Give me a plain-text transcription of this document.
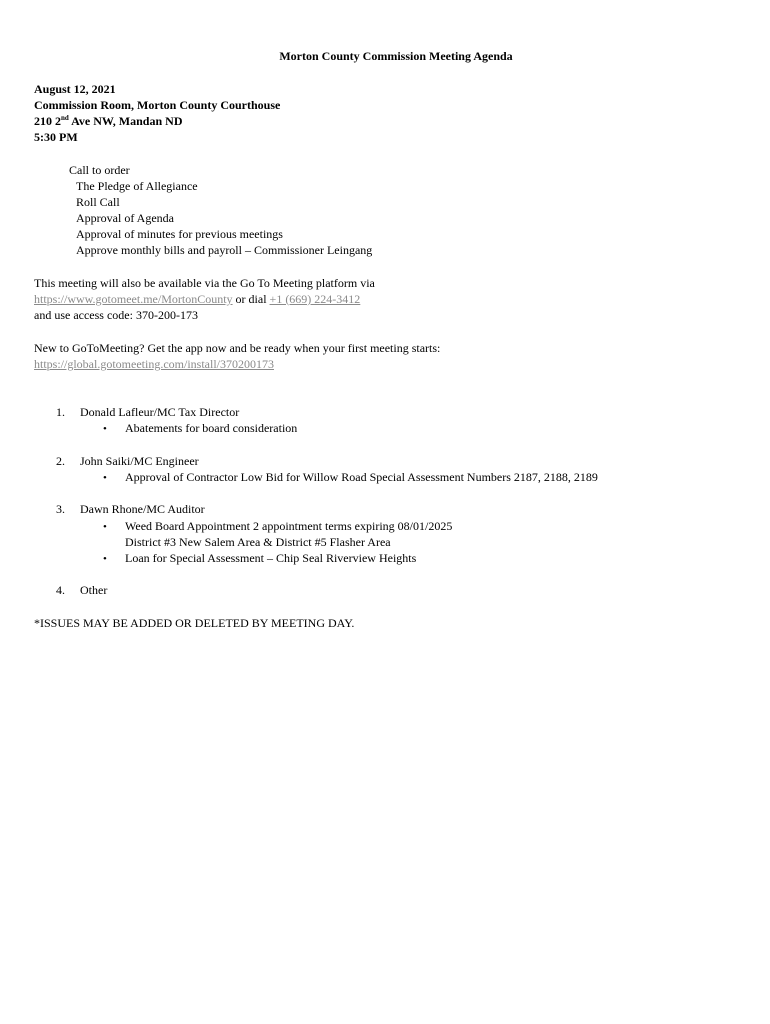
Morton County Commission Meeting Agenda
August 12, 2021
Commission Room, Morton County Courthouse
210 2nd Ave NW, Mandan ND
5:30 PM
Call to order
The Pledge of Allegiance
Roll Call
Approval of Agenda
Approval of minutes for previous meetings
Approve monthly bills and payroll – Commissioner Leingang
This meeting will also be available via the Go To Meeting platform via
https://www.gotomeet.me/MortonCounty or dial +1 (669) 224-3412
and use access code: 370-200-173
New to GoToMeeting? Get the app now and be ready when your first meeting starts:
https://global.gotomeeting.com/install/370200173
1. Donald Lafleur/MC Tax Director
• Abatements for board consideration
2. John Saiki/MC Engineer
• Approval of Contractor Low Bid for Willow Road Special Assessment Numbers 2187, 2188, 2189
3. Dawn Rhone/MC Auditor
• Weed Board Appointment 2 appointment terms expiring 08/01/2025
District #3 New Salem Area & District #5 Flasher Area
• Loan for Special Assessment – Chip Seal Riverview Heights
4. Other
*ISSUES MAY BE ADDED OR DELETED BY MEETING DAY.
